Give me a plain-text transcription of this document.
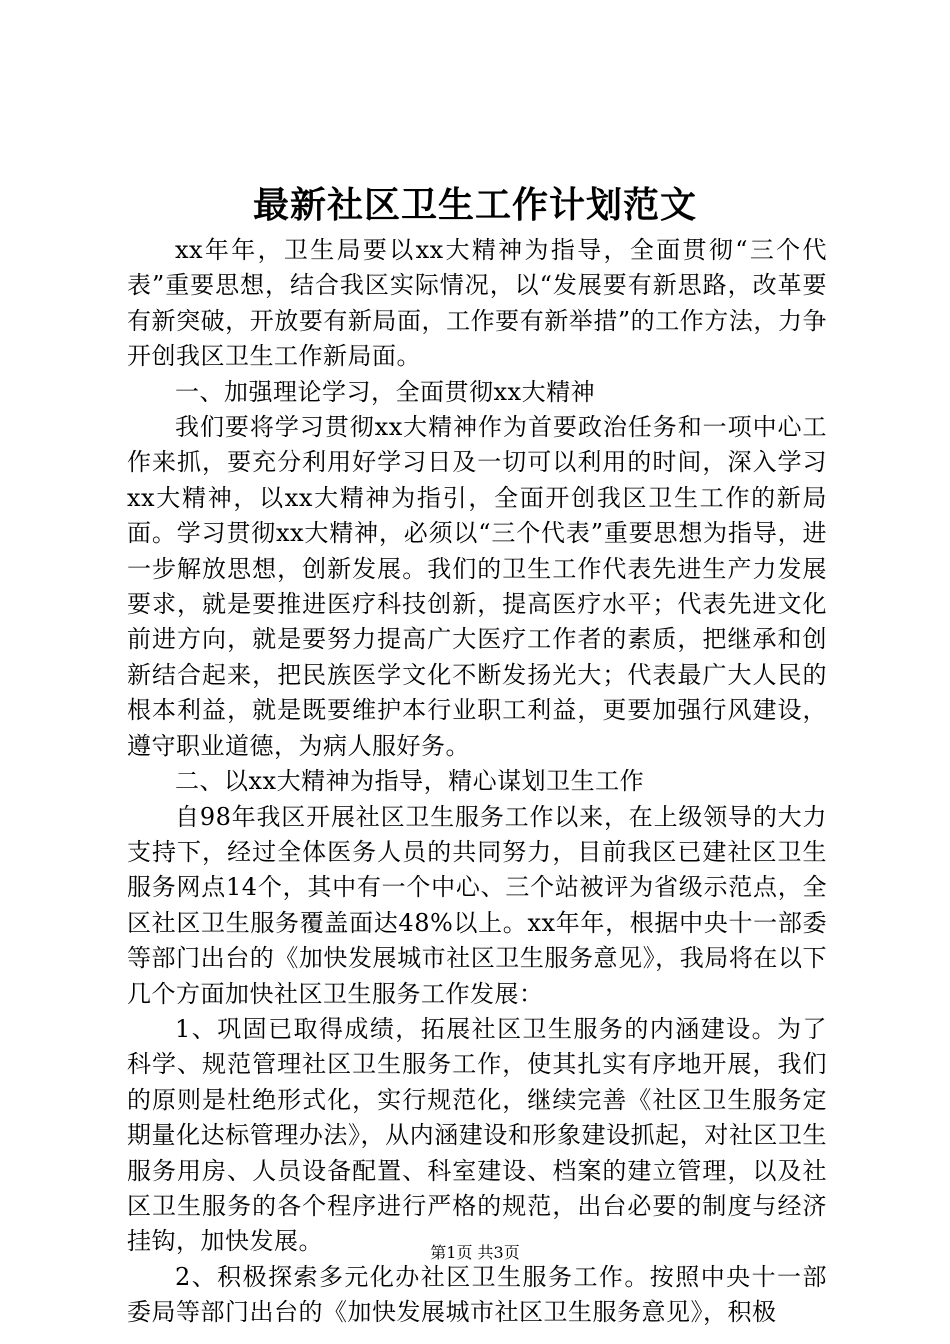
最新社区卫生工作计划范文

xx年年，卫生局要以xx大精神为指导，全面贯彻“三个代表”重要思想，结合我区实际情况，以“发展要有新思路，改革要有新突破，开放要有新局面，工作要有新举措”的工作方法，力争开创我区卫生工作新局面。

一、加强理论学习，全面贯彻xx大精神

我们要将学习贯彻xx大精神作为首要政治任务和一项中心工作来抓，要充分利用好学习日及一切可以利用的时间，深入学习xx大精神，以xx大精神为指引，全面开创我区卫生工作的新局面。学习贯彻xx大精神，必须以“三个代表”重要思想为指导，进一步解放思想，创新发展。我们的卫生工作代表先进生产力发展要求，就是要推进医疗科技创新，提高医疗水平；代表先进文化前进方向，就是要努力提高广大医疗工作者的素质，把继承和创新结合起来，把民族医学文化不断发扬光大；代表最广大人民的根本利益，就是既要维护本行业职工利益，更要加强行风建设，遵守职业道德，为病人服好务。

二、以xx大精神为指导，精心谋划卫生工作

自98年我区开展社区卫生服务工作以来，在上级领导的大力支持下，经过全体医务人员的共同努力，目前我区已建社区卫生服务网点14个，其中有一个中心、三个站被评为省级示范点，全区社区卫生服务覆盖面达48%以上。xx年年，根据中央十一部委等部门出台的《加快发展城市社区卫生服务意见》，我局将在以下几个方面加快社区卫生服务工作发展：

1、巩固已取得成绩，拓展社区卫生服务的内涵建设。为了科学、规范管理社区卫生服务工作，使其扎实有序地开展，我们的原则是杜绝形式化，实行规范化，继续完善《社区卫生服务定期量化达标管理办法》，从内涵建设和形象建设抓起，对社区卫生服务用房、人员设备配置、科室建设、档案的建立管理，以及社区卫生服务的各个程序进行严格的规范，出台必要的制度与经济挂钩，加快发展。

2、积极探索多元化办社区卫生服务工作。按照中央十一部委局等部门出台的《加快发展城市社区卫生服务意见》，积极

第1页 共3页
